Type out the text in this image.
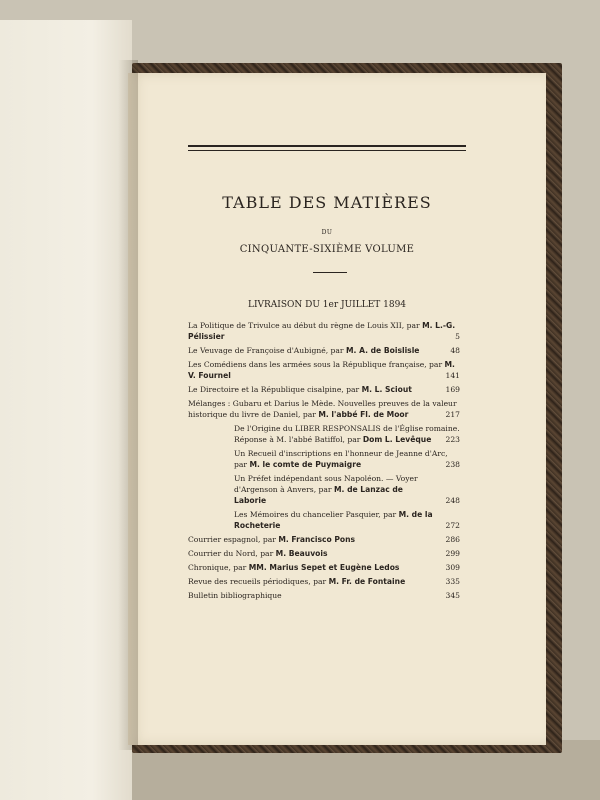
TABLE DES MATIÈRES
DU
CINQUANTE-SIXIÈME VOLUME
LIVRAISON DU 1er JUILLET 1894
La Politique de Trivulce au début du règne de Louis XII, par M. L.-G. Pélissier	5
Le Veuvage de Françoise d'Aubigné, par M. A. de Boislisle	48
Les Comédiens dans les armées sous la République française, par M. V. Fournel	141
Le Directoire et la République cisalpine, par M. L. Sciout	169
Mélanges : Gubaru et Darius le Mède. Nouvelles preuves de la valeur historique du livre de Daniel, par M. l'abbé Fl. de Moor	217
De l'Origine du LIBER RESPONSALIS de l'Église romaine. Réponse à M. l'abbé Batiffol, par Dom L. Levêque	223
Un Recueil d'inscriptions en l'honneur de Jeanne d'Arc, par M. le comte de Puymaigre	238
Un Préfet indépendant sous Napoléon. — Voyer d'Argenson à Anvers, par M. de Lanzac de Laborie	248
Les Mémoires du chancelier Pasquier, par M. de la Rocheterie	272
Courrier espagnol, par M. Francisco Pons	286
Courrier du Nord, par M. Beauvois	299
Chronique, par MM. Marius Sepet et Eugène Ledos	309
Revue des recueils périodiques, par M. Fr. de Fontaine	335
Bulletin bibliographique	345
